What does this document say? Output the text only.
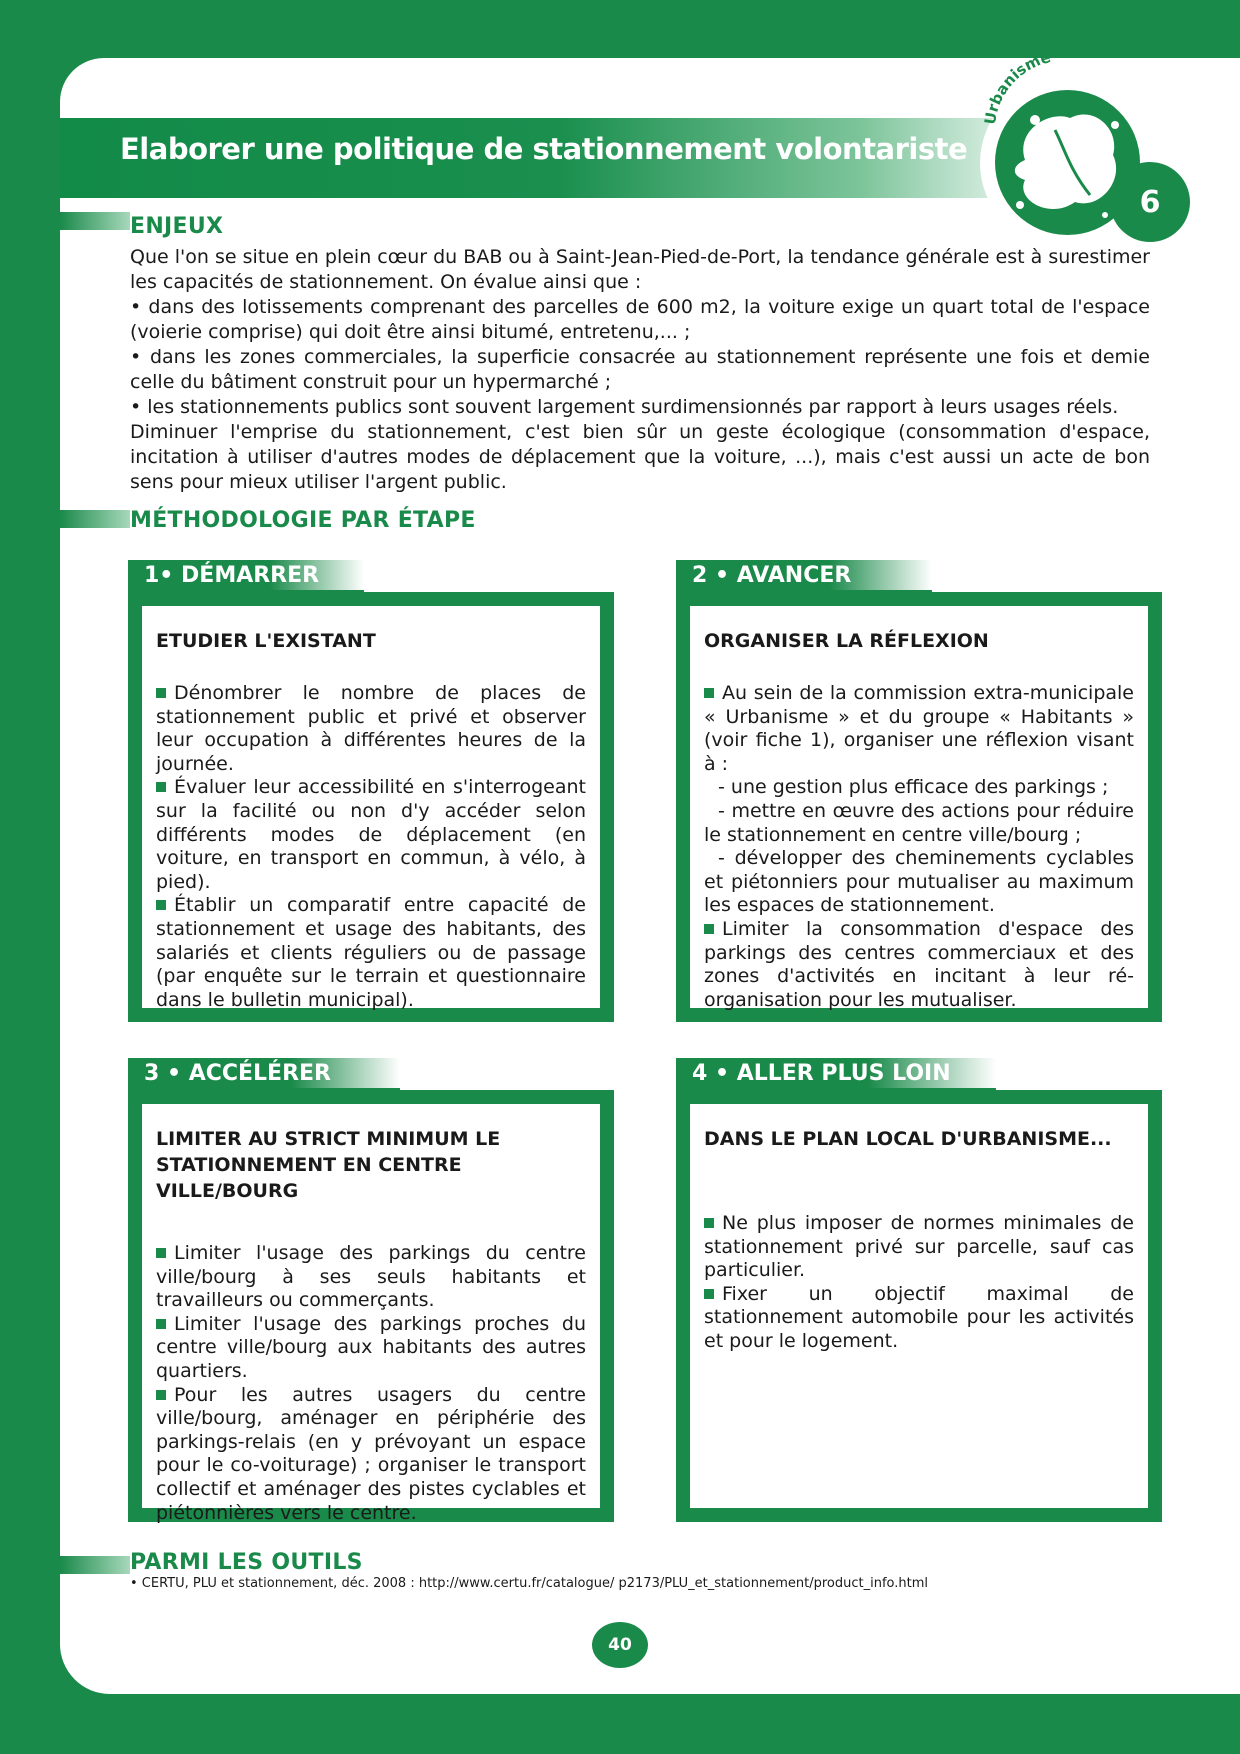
Elaborer une politique de stationnement volontariste
Urbanisme
6
ENJEUX

Que l'on se situe en plein cœur du BAB ou à Saint-Jean-Pied-de-Port, la tendance générale est à surestimer les capacités de stationnement. On évalue ainsi que :

• dans des lotissements comprenant des parcelles de 600 m2, la voiture exige un quart total de l'espace (voierie comprise) qui doit être ainsi bitumé, entretenu,... ;

• dans les zones commerciales, la superficie consacrée au stationnement représente une fois et demie celle du bâtiment construit pour un hypermarché ;

• les stationnements publics sont souvent largement surdimensionnés par rapport à leurs usages réels.

Diminuer l'emprise du stationnement, c'est bien sûr un geste écologique (consommation d'espace, incitation à utiliser d'autres modes de déplacement que la voiture, ...), mais c'est aussi un acte de bon sens pour mieux utiliser l'argent public.

MÉTHODOLOGIE PAR ÉTAPE
1• DÉMARRER
ETUDIER L'EXISTANT

Dénombrer le nombre de places de stationnement public et privé et observer leur occupation à différentes heures de la journée.

Évaluer leur accessibilité en s'interrogeant sur la facilité ou non d'y accéder selon différents modes de déplacement (en voiture, en transport en commun, à vélo, à pied).

Établir un comparatif entre capacité de stationnement et usage des habitants, des salariés et clients réguliers ou de passage (par enquête sur le terrain et questionnaire dans le bulletin municipal).

2 • AVANCER
ORGANISER LA RÉFLEXION

Au sein de la commission extra-municipale « Urbanisme » et du groupe « Habitants » (voir fiche 1), organiser une réflexion visant à :

- une gestion plus efficace des parkings ;

- mettre en œuvre des actions pour réduire le stationnement en centre ville/bourg ;

- développer des cheminements cyclables et piétonniers pour mutualiser au maximum les espaces de stationnement.

Limiter la consommation d'espace des parkings des centres commerciaux et des zones d'activités en incitant à leur ré-organisation pour les mutualiser.

3 • ACCÉLÉRER
LIMITER AU STRICT MINIMUM LE STATIONNEMENT EN CENTRE VILLE/BOURG

Limiter l'usage des parkings du centre ville/bourg à ses seuls habitants et travailleurs ou commerçants.

Limiter l'usage des parkings proches du centre ville/bourg aux habitants des autres quartiers.

Pour les autres usagers du centre ville/bourg, aménager en périphérie des parkings-relais (en y prévoyant un espace pour le co-voiturage) ; organiser le transport collectif et aménager des pistes cyclables et piétonnières vers le centre.

4 • ALLER PLUS LOIN
DANS LE PLAN LOCAL D'URBANISME...

Ne plus imposer de normes minimales de stationnement privé sur parcelle, sauf cas particulier.

Fixer un objectif maximal de stationnement automobile pour les activités et pour le logement.

PARMI LES OUTILS
• CERTU, PLU et stationnement, déc. 2008 : http://www.certu.fr/catalogue/ p2173/PLU_et_stationnement/product_info.html
40
